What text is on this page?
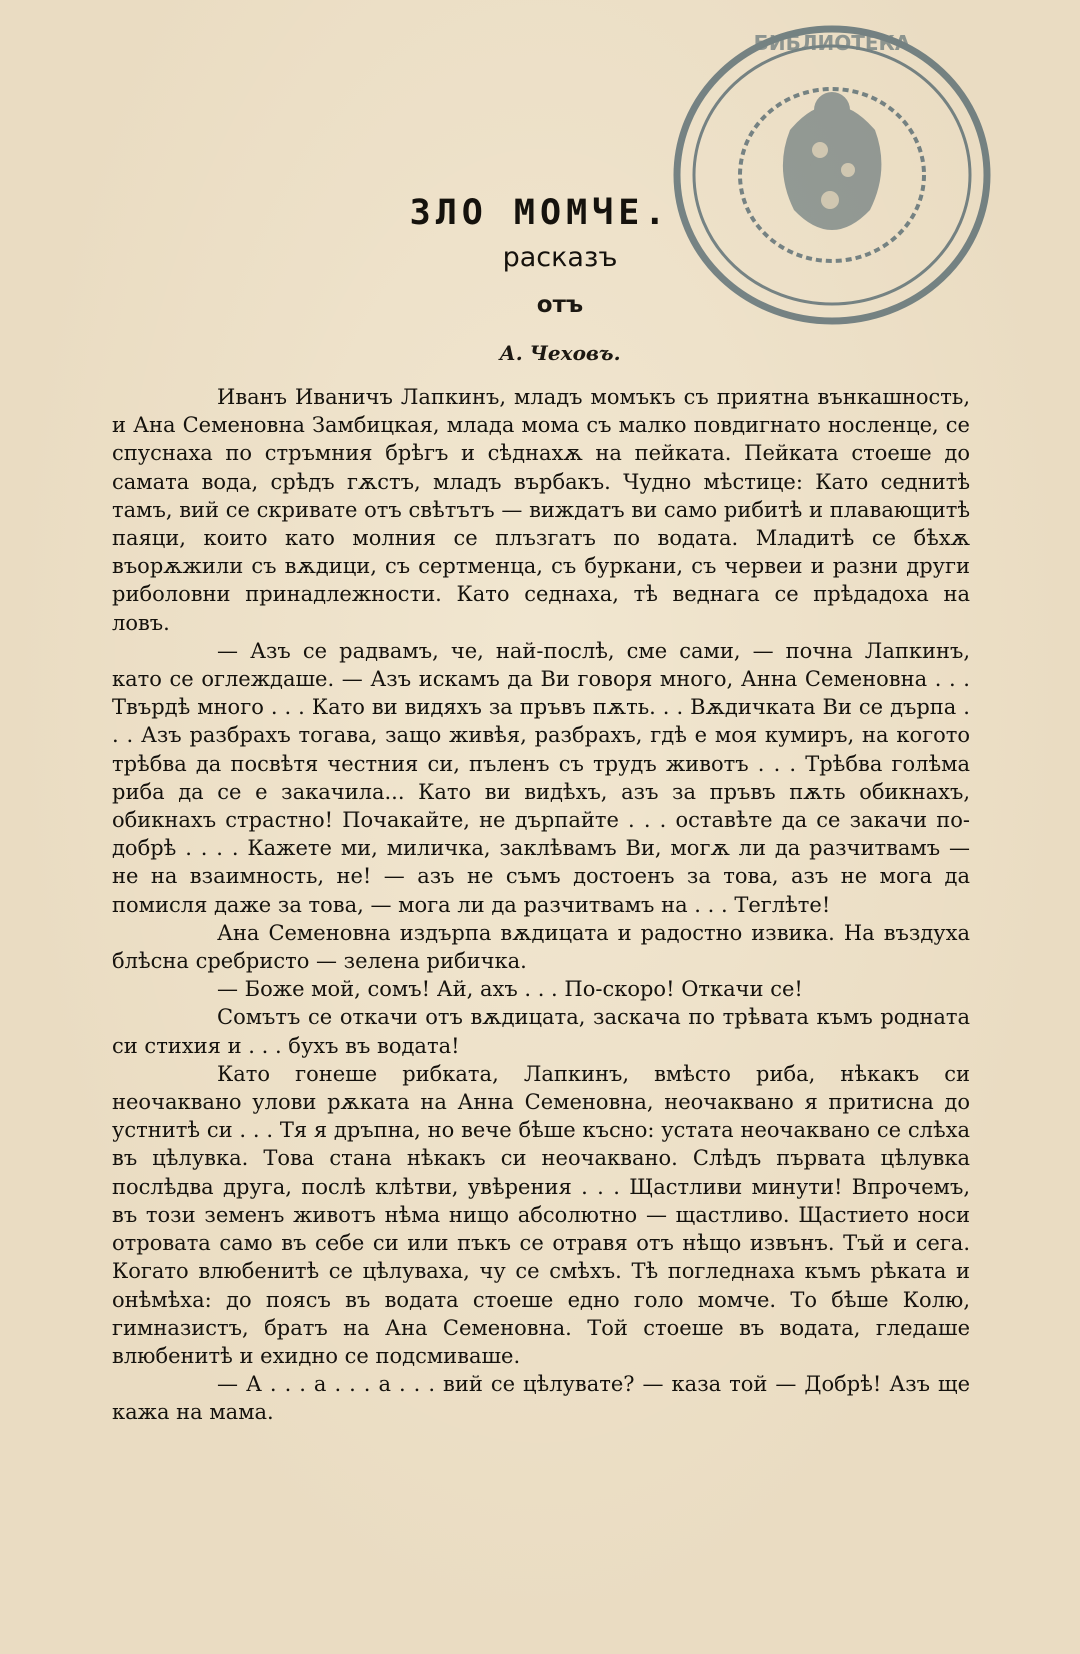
БИБЛИОТЕКА
ЗЛО МОМЧЕ.
расказъ
отъ
А. Чеховъ.

Иванъ Иваничъ Лапкинъ, младъ момъкъ съ приятна вънкашность, и Ана Семеновна Замбицкая, млада мома съ малко повдигнато носленце, се спуснаха по стръмния брѣгъ и сѣднахѫ на пейката. Пейката стоеше до самата вода, срѣдъ гѫстъ, младъ върбакъ. Чудно мѣстице: Като седнитѣ тамъ, вий се скривате отъ свѣтътъ — виждатъ ви само рибитѣ и плавающитѣ паяци, които като молния се плъзгатъ по водата. Младитѣ се бѣхѫ въорѫжили съ вѫдици, съ сертменца, съ буркани, съ червеи и разни други риболовни принадлежности. Като седнаха, тѣ веднага се прѣдадоха на ловъ.

— Азъ се радвамъ, че, най-послѣ, сме сами, — почна Лапкинъ, като се оглеждаше. — Азъ искамъ да Ви говоря много, Анна Семеновна . . . Твърдѣ много . . . Като ви видяхъ за пръвъ пѫть. . . Вѫдичката Ви се дърпа . . . Азъ разбрахъ тогава, защо живѣя, разбрахъ, гдѣ е моя кумиръ, на когото трѣбва да посвѣтя честния си, пъленъ съ трудъ животъ . . . Трѣбва голѣма риба да се е закачила... Като ви видѣхъ, азъ за пръвъ пѫть обикнахъ, обикнахъ страстно! Почакайте, не дърпайте . . . оставѣте да се закачи по-добрѣ . . . . Кажете ми, миличка, заклѣвамъ Ви, могѫ ли да разчитвамъ — не на взаимность, не! — азъ не съмъ достоенъ за това, азъ не мога да помисля даже за това, — мога ли да разчитвамъ на . . . Теглѣте!

Ана Семеновна издърпа вѫдицата и радостно извика. На въздуха блѣсна сребристо — зелена рибичка.

— Боже мой, сомъ! Ай, ахъ . . . По-скоро! Откачи се!

Сомътъ се откачи отъ вѫдицата, заскача по трѣвата къмъ родната си стихия и . . . бухъ въ водата!

Като гонеше рибката, Лапкинъ, вмѣсто риба, нѣкакъ си неочаквано улови рѫката на Анна Семеновна, неочаквано я притисна до устнитѣ си . . . Тя я дръпна, но вече бѣше късно: устата неочаквано се слѣха въ цѣлувка. Това стана нѣкакъ си неочаквано. Слѣдъ първата цѣлувка послѣдва друга, послѣ клѣтви, увѣрения . . . Щастливи минути! Впрочемъ, въ този земенъ животъ нѣма нищо абсолютно — щастливо. Щастието носи отровата само въ себе си или пъкъ се отравя отъ нѣщо извънъ. Тъй и сега. Когато влюбенитѣ се цѣлуваха, чу се смѣхъ. Тѣ погледнаха къмъ рѣката и онѣмѣха: до поясъ въ водата стоеше едно голо момче. То бѣше Колю, гимназистъ, братъ на Ана Семеновна. Той стоеше въ водата, гледаше влюбенитѣ и ехидно се подсмиваше.

— А . . . а . . . а . . . вий се цѣлувате? — каза той — Добрѣ! Азъ ще кажа на мама.
